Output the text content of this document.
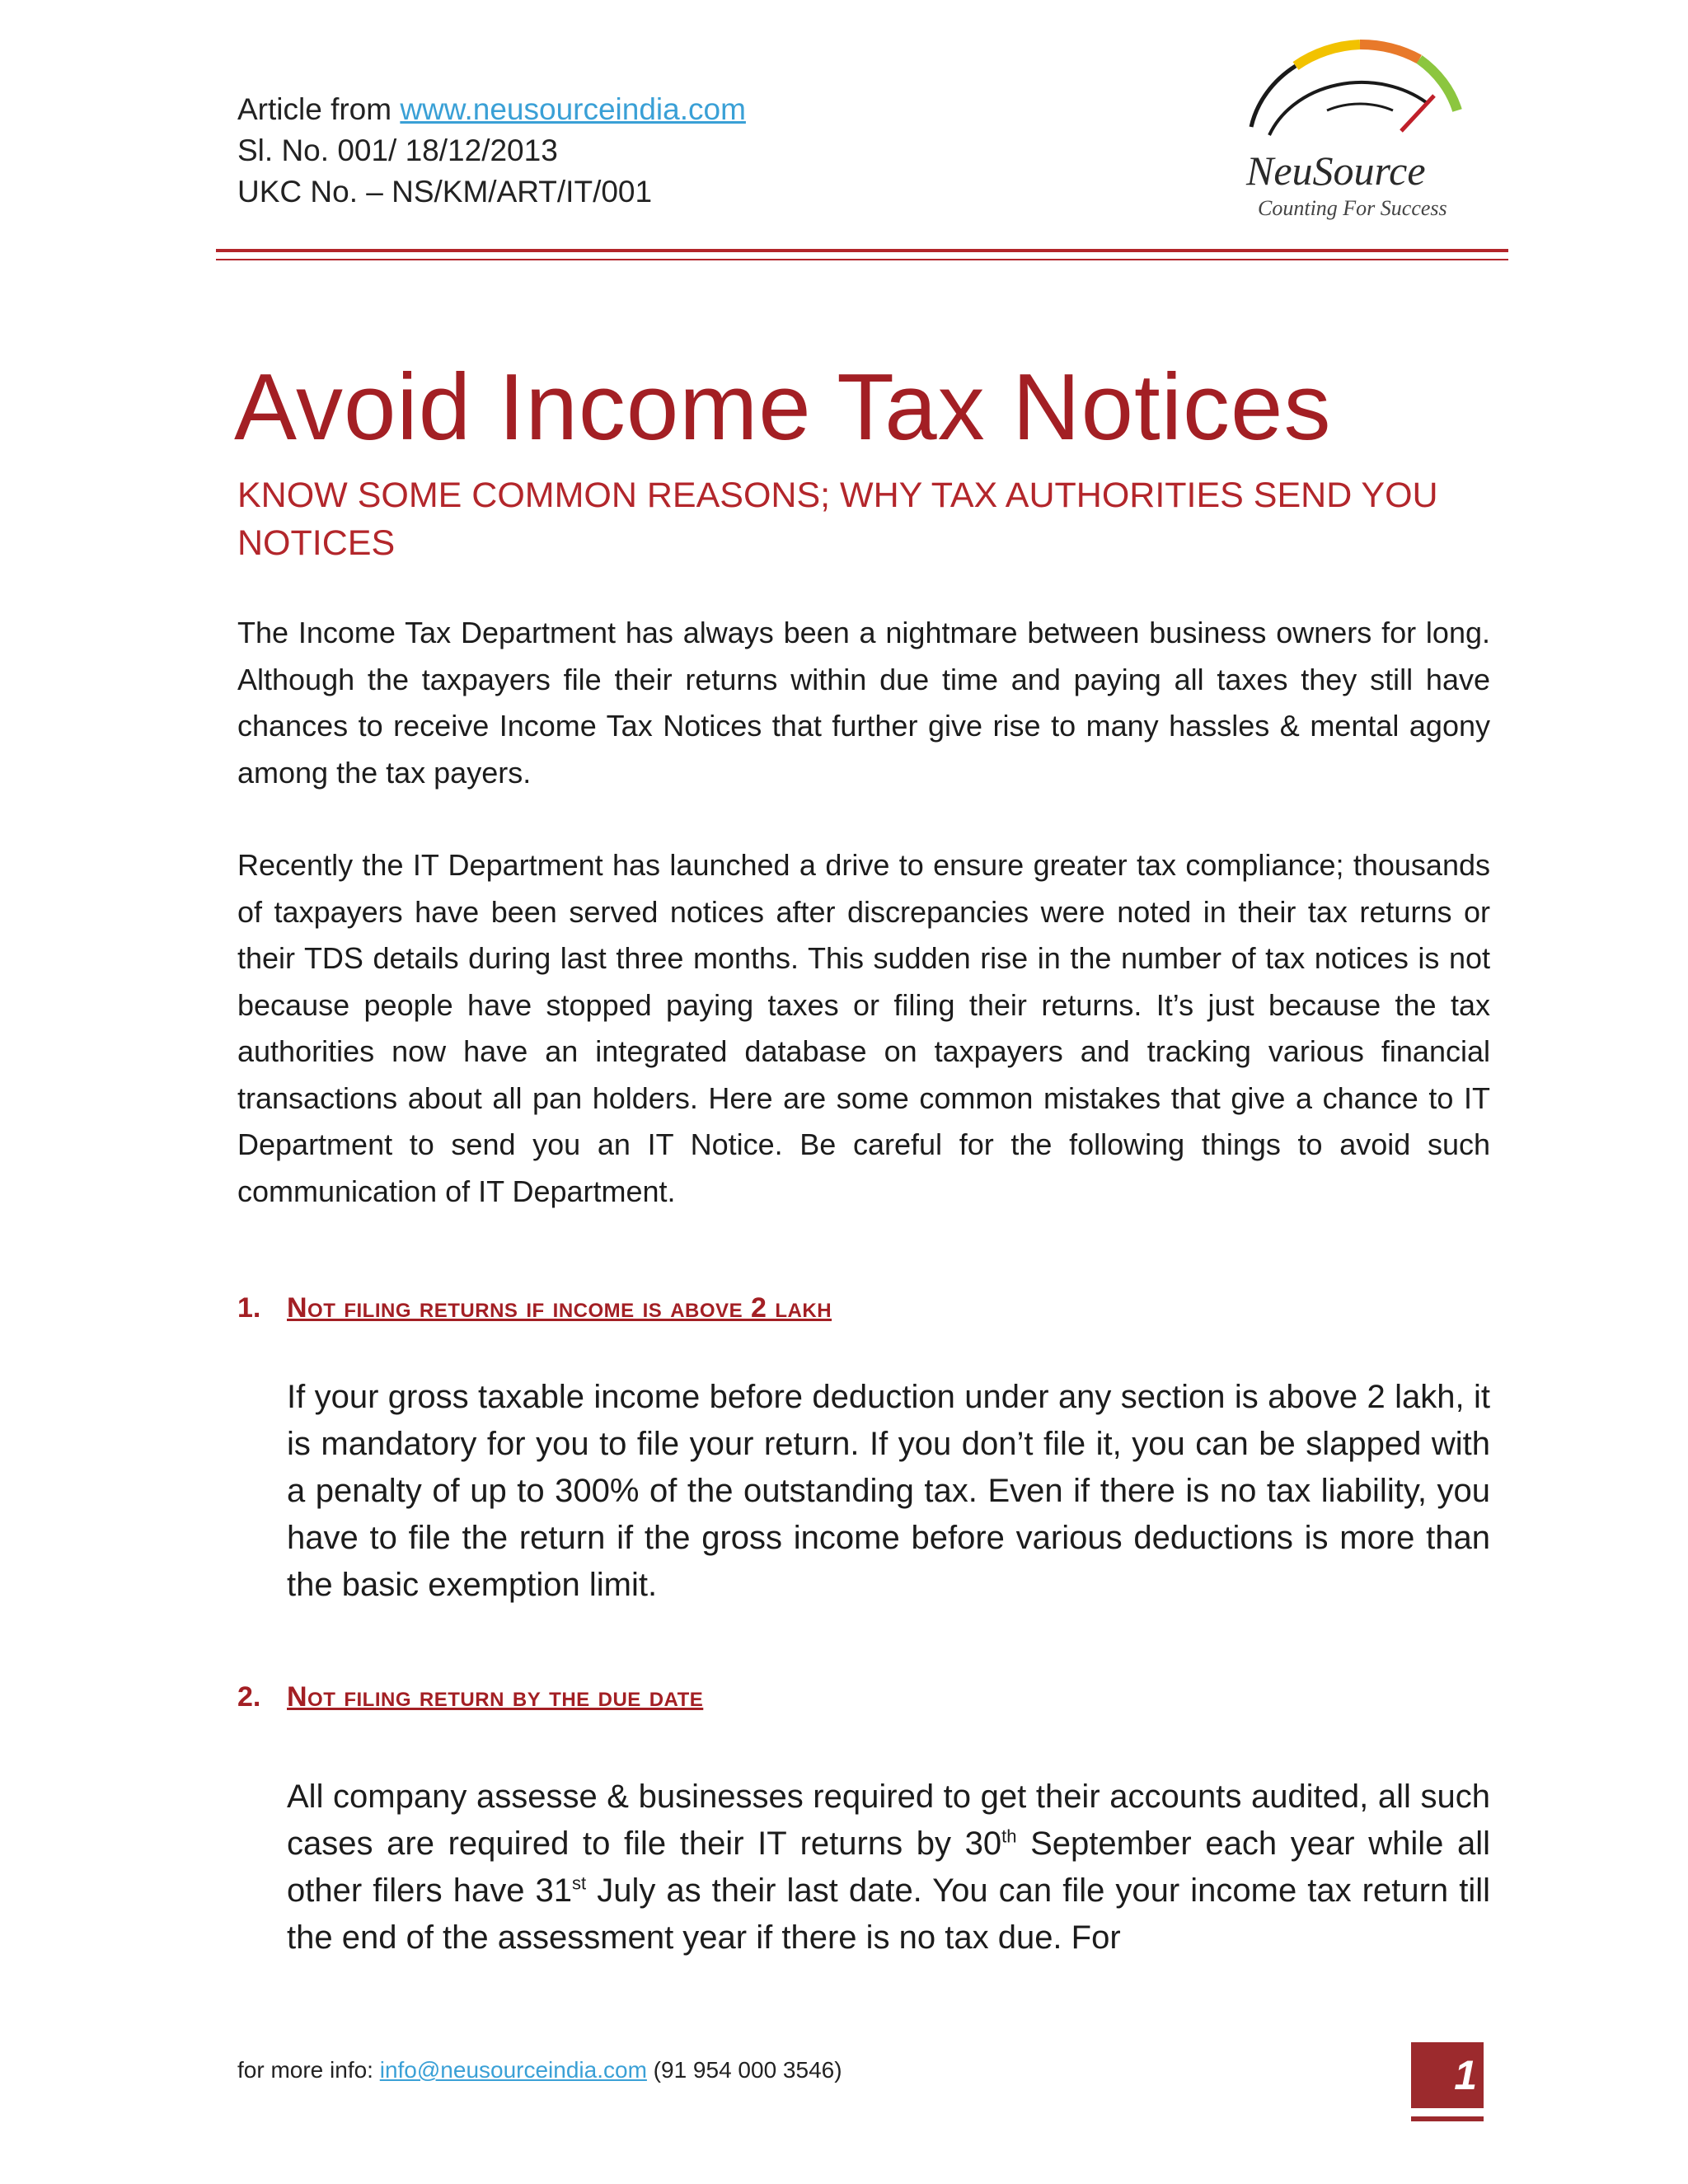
Article from www.neusourceindia.com
Sl. No. 001/ 18/12/2013
UKC No. – NS/KM/ART/IT/001	NeuSource
Counting For Success
Avoid Income Tax Notices
KNOW SOME COMMON REASONS; WHY TAX AUTHORITIES SEND YOU NOTICES
The Income Tax Department has always been a nightmare between business owners for long. Although the taxpayers file their returns within due time and paying all taxes they still have chances to receive Income Tax Notices that further give rise to many hassles & mental agony among the tax payers.
Recently the IT Department has launched a drive to ensure greater tax compliance; thousands of taxpayers have been served notices after discrepancies were noted in their tax returns or their TDS details during last three months. This sudden rise in the number of tax notices is not because people have stopped paying taxes or filing their returns. It’s just because the tax authorities now have an integrated database on taxpayers and tracking various financial transactions about all pan holders. Here are some common mistakes that give a chance to IT Department to send you an IT Notice. Be careful for the following things to avoid such communication of IT Department.
1. Not filing returns if income is above 2 lakh
If your gross taxable income before deduction under any section is above 2 lakh, it is mandatory for you to file your return. If you don’t file it, you can be slapped with a penalty of up to 300% of the outstanding tax. Even if there is no tax liability, you have to file the return if the gross income before various deductions is more than the basic exemption limit.
2. Not filing return by the due date
All company assesse & businesses required to get their accounts audited, all such cases are required to file their IT returns by 30th September each year while all other filers have 31st July as their last date. You can file your income tax return till the end of the assessment year if there is no tax due. For
for more info: info@neusourceindia.com (91 954 000 3546)	1
